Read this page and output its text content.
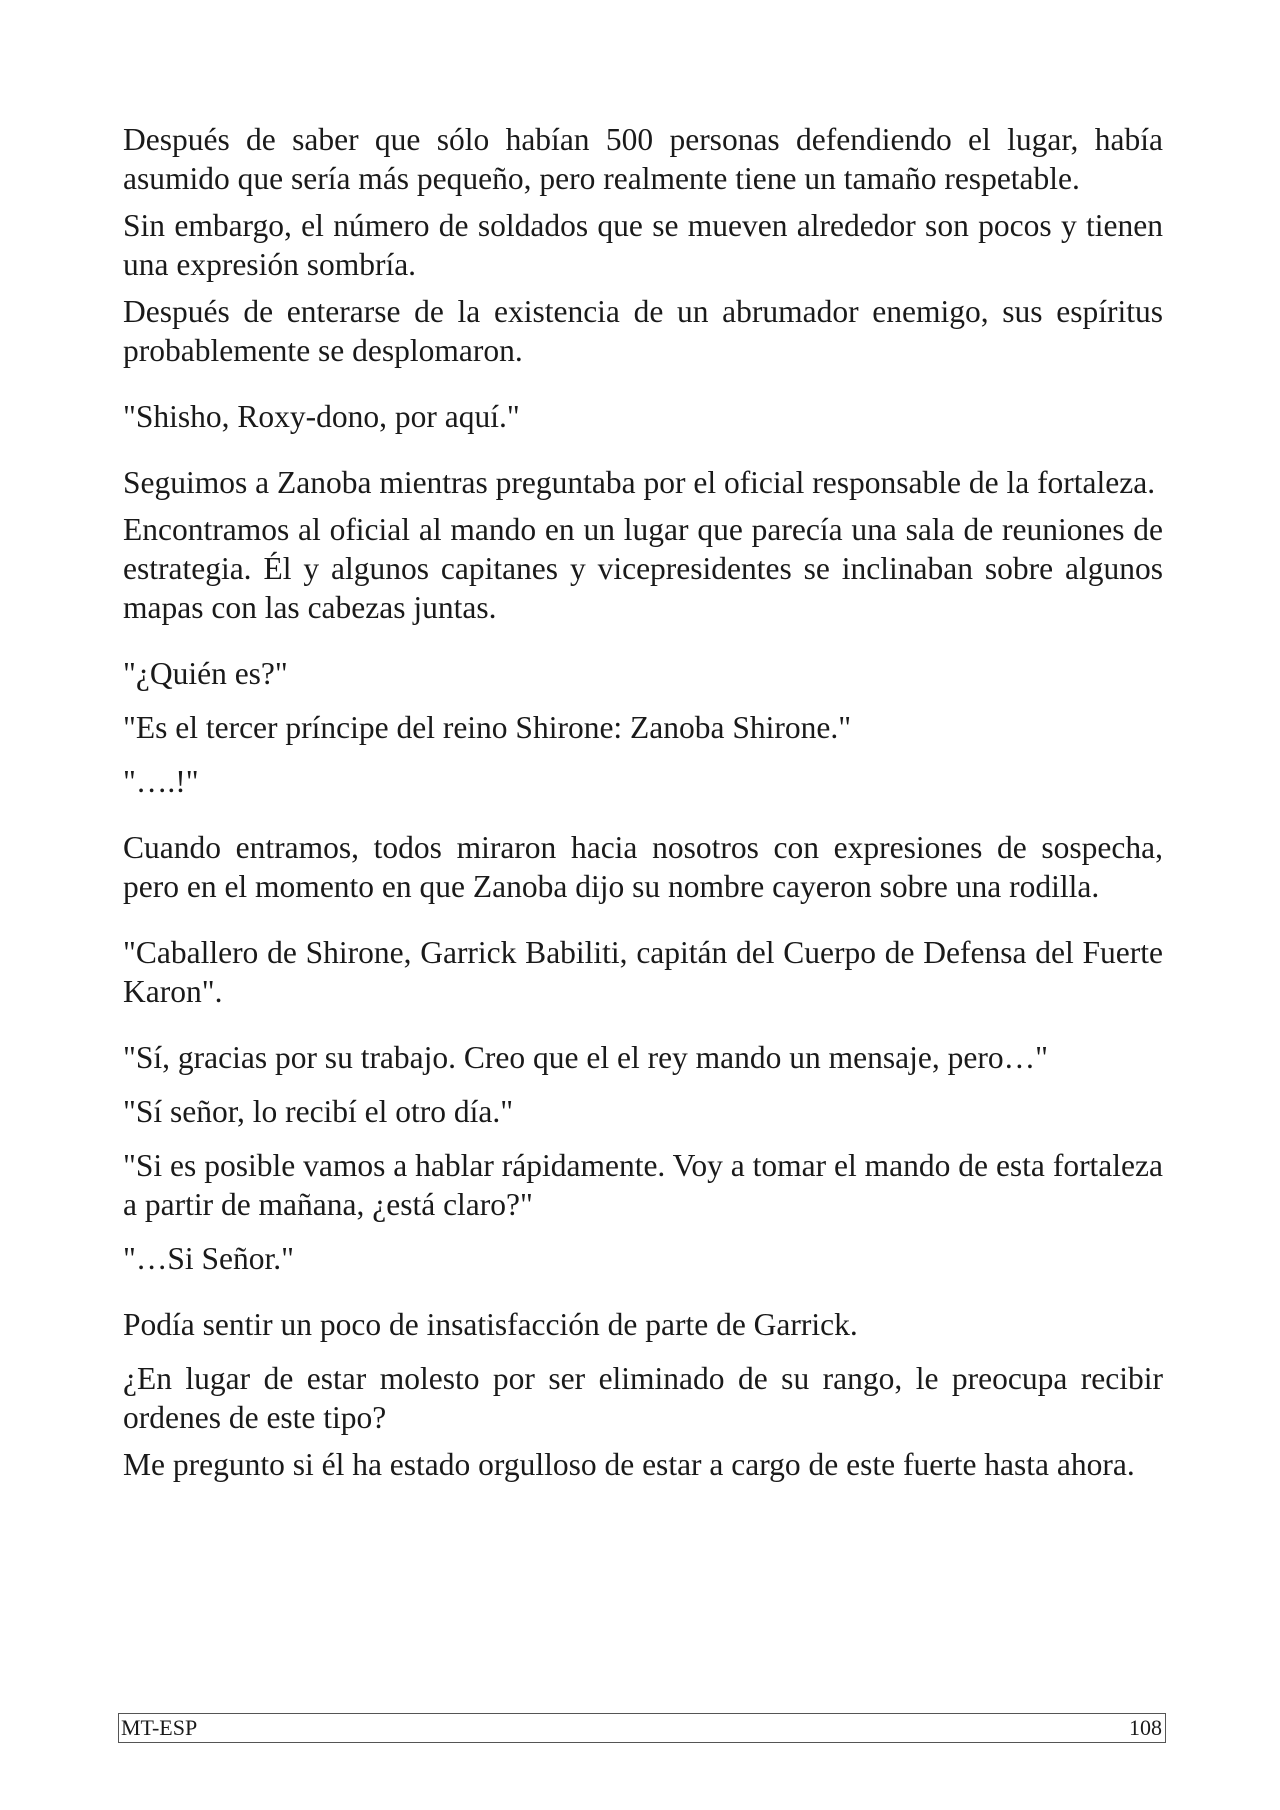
Después de saber que sólo habían 500 personas defendiendo el lugar, había asumido que sería más pequeño, pero realmente tiene un tamaño respetable.

Sin embargo, el número de soldados que se mueven alrededor son pocos y tienen una expresión sombría.

Después de enterarse de la existencia de un abrumador enemigo, sus espíritus probablemente se desplomaron.

"Shisho, Roxy-dono, por aquí."

Seguimos a Zanoba mientras preguntaba por el oficial responsable de la fortaleza.

Encontramos al oficial al mando en un lugar que parecía una sala de reuniones de estrategia. Él y algunos capitanes y vicepresidentes se inclinaban sobre algunos mapas con las cabezas juntas.

"¿Quién es?"

"Es el tercer príncipe del reino Shirone: Zanoba Shirone."

"….!"

Cuando entramos, todos miraron hacia nosotros con expresiones de sospecha, pero en el momento en que Zanoba dijo su nombre cayeron sobre una rodilla.

"Caballero de Shirone, Garrick Babiliti, capitán del Cuerpo de Defensa del Fuerte Karon".

"Sí, gracias por su trabajo. Creo que el el rey mando un mensaje, pero…"

"Sí señor, lo recibí el otro día."

"Si es posible vamos a hablar rápidamente. Voy a tomar el mando de esta fortaleza a partir de mañana, ¿está claro?"

"…Si Señor."

Podía sentir un poco de insatisfacción de parte de Garrick.

¿En lugar de estar molesto por ser eliminado de su rango, le preocupa recibir ordenes de este tipo?

Me pregunto si él ha estado orgulloso de estar a cargo de este fuerte hasta ahora.

MT-ESP	108
